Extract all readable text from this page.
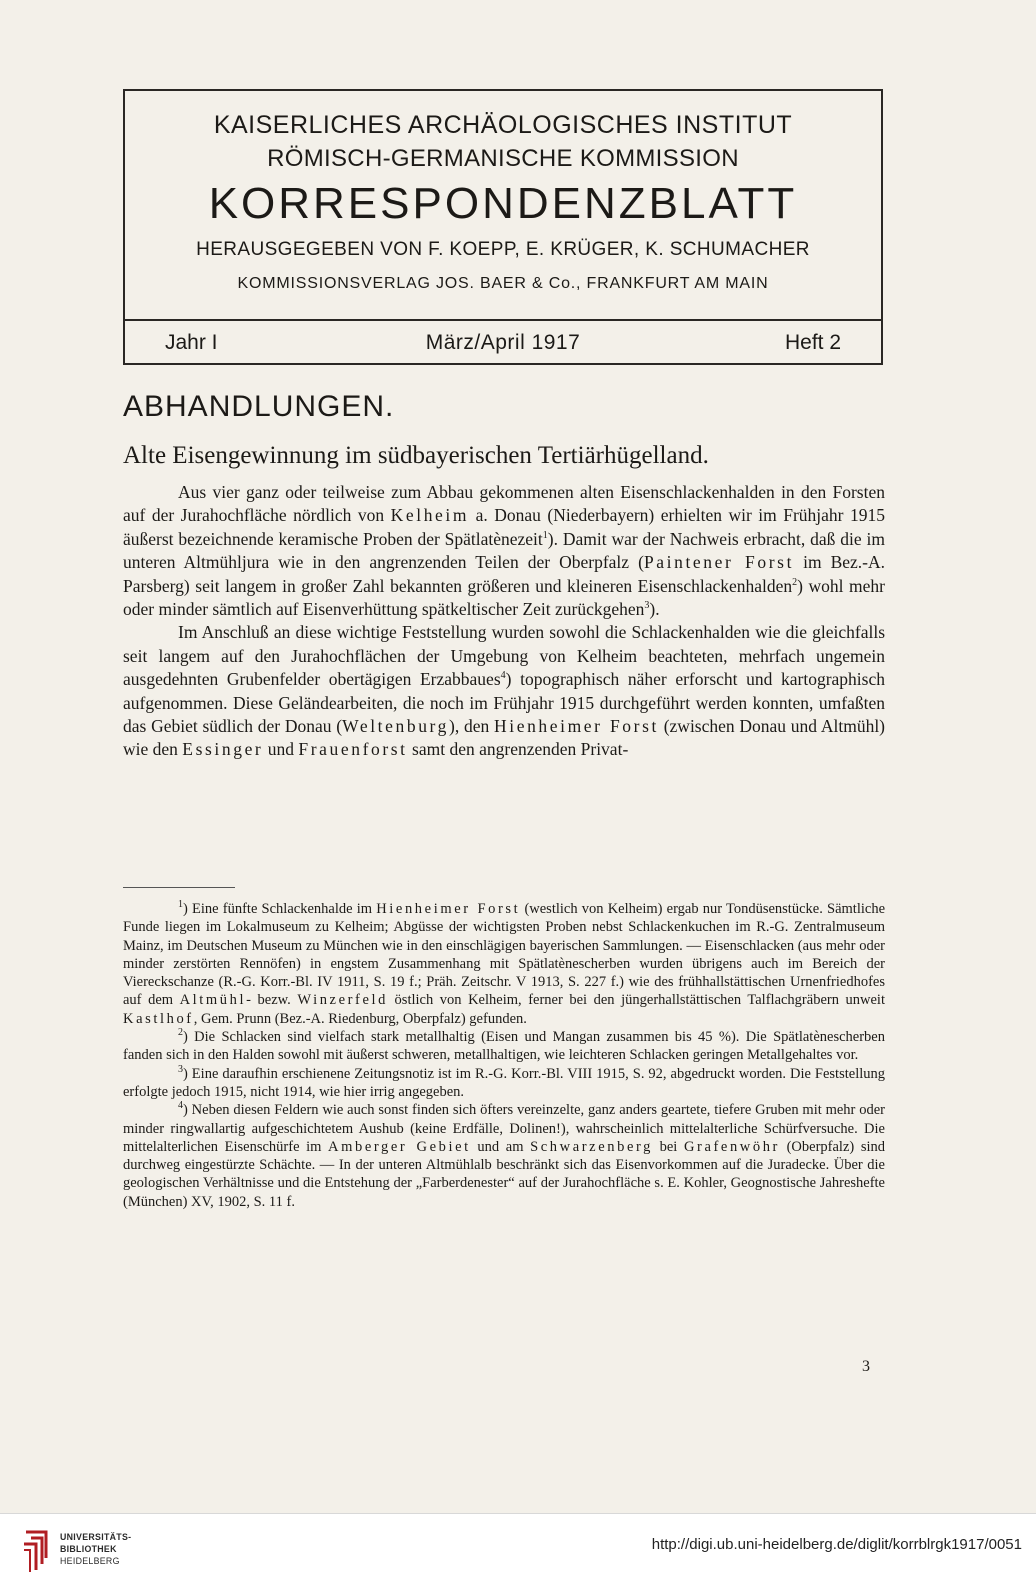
KAISERLICHES ARCHÄOLOGISCHES INSTITUT
RÖMISCH-GERMANISCHE KOMMISSION
KORRESPONDENZBLATT
HERAUSGEGEBEN VON F. KOEPP, E. KRÜGER, K. SCHUMACHER
KOMMISSIONSVERLAG JOS. BAER & Co., FRANKFURT AM MAIN
März/April 1917
Jahr I	Heft 2
ABHANDLUNGEN.
Alte Eisengewinnung im südbayerischen Tertiärhügelland.

Aus vier ganz oder teilweise zum Abbau gekommenen alten Eisenschlackenhalden in den Forsten auf der Jurahochfläche nördlich von Kelheim a. Donau (Niederbayern) erhielten wir im Frühjahr 1915 äußerst bezeichnende keramische Proben der Spätlatènezeit$^1$). Damit war der Nachweis erbracht, daß die im unteren Altmühljura wie in den angrenzenden Teilen der Oberpfalz (Paintener Forst im Bez.-A. Parsberg) seit langem in großer Zahl bekannten größeren und kleineren Eisenschlackenhalden$^2$) wohl mehr oder minder sämtlich auf Eisenverhüttung spätkeltischer Zeit zurückgehen$^3$).

Im Anschluß an diese wichtige Feststellung wurden sowohl die Schlackenhalden wie die gleichfalls seit langem auf den Jurahochflächen der Umgebung von Kelheim beachteten, mehrfach ungemein ausgedehnten Grubenfelder obertägigen Erzabbaues$^4$) topographisch näher erforscht und kartographisch aufgenommen. Diese Geländearbeiten, die noch im Frühjahr 1915 durchgeführt werden konnten, umfaßten das Gebiet südlich der Donau (Weltenburg), den Hienheimer Forst (zwischen Donau und Altmühl) wie den Essinger und Frauenforst samt den angrenzenden Privat-

$^1$) Eine fünfte Schlackenhalde im Hienheimer Forst (westlich von Kelheim) ergab nur Tondüsenstücke. Sämtliche Funde liegen im Lokalmuseum zu Kelheim; Abgüsse der wichtigsten Proben nebst Schlackenkuchen im R.-G. Zentralmuseum Mainz, im Deutschen Museum zu München wie in den einschlägigen bayerischen Sammlungen. — Eisenschlacken (aus mehr oder minder zerstörten Rennöfen) in engstem Zusammenhang mit Spätlatènescherben wurden übrigens auch im Bereich der Viereckschanze (R.-G. Korr.-Bl. IV 1911, S. 19 f.; Präh. Zeitschr. V 1913, S. 227 f.) wie des frühhallstättischen Urnenfriedhofes auf dem Altmühl- bezw. Winzerfeld östlich von Kelheim, ferner bei den jüngerhallstättischen Talflachgräbern unweit Kastlhof, Gem. Prunn (Bez.-A. Riedenburg, Oberpfalz) gefunden.

$^2$) Die Schlacken sind vielfach stark metallhaltig (Eisen und Mangan zusammen bis 45 %). Die Spätlatènescherben fanden sich in den Halden sowohl mit äußerst schweren, metallhaltigen, wie leichteren Schlacken geringen Metallgehaltes vor.

$^3$) Eine daraufhin erschienene Zeitungsnotiz ist im R.-G. Korr.-Bl. VIII 1915, S. 92, abgedruckt worden. Die Feststellung erfolgte jedoch 1915, nicht 1914, wie hier irrig angegeben.

$^4$) Neben diesen Feldern wie auch sonst finden sich öfters vereinzelte, ganz anders geartete, tiefere Gruben mit mehr oder minder ringwallartig aufgeschichtetem Aushub (keine Erdfälle, Dolinen!), wahrscheinlich mittelalterliche Schürfversuche. Die mittelalterlichen Eisenschürfe im Amberger Gebiet und am Schwarzenberg bei Grafenwöhr (Oberpfalz) sind durchweg eingestürzte Schächte. — In der unteren Altmühlalb beschränkt sich das Eisenvorkommen auf die Juradecke. Über die geologischen Verhältnisse und die Entstehung der „Farberdenester“ auf der Jurahochfläche s. E. Kohler, Geognostische Jahreshefte (München) XV, 1902, S. 11 f.

3
UNIVERSITÄTS-
BIBLIOTHEK
HEIDELBERG
http://digi.ub.uni-heidelberg.de/diglit/korrblrgk1917/0051
